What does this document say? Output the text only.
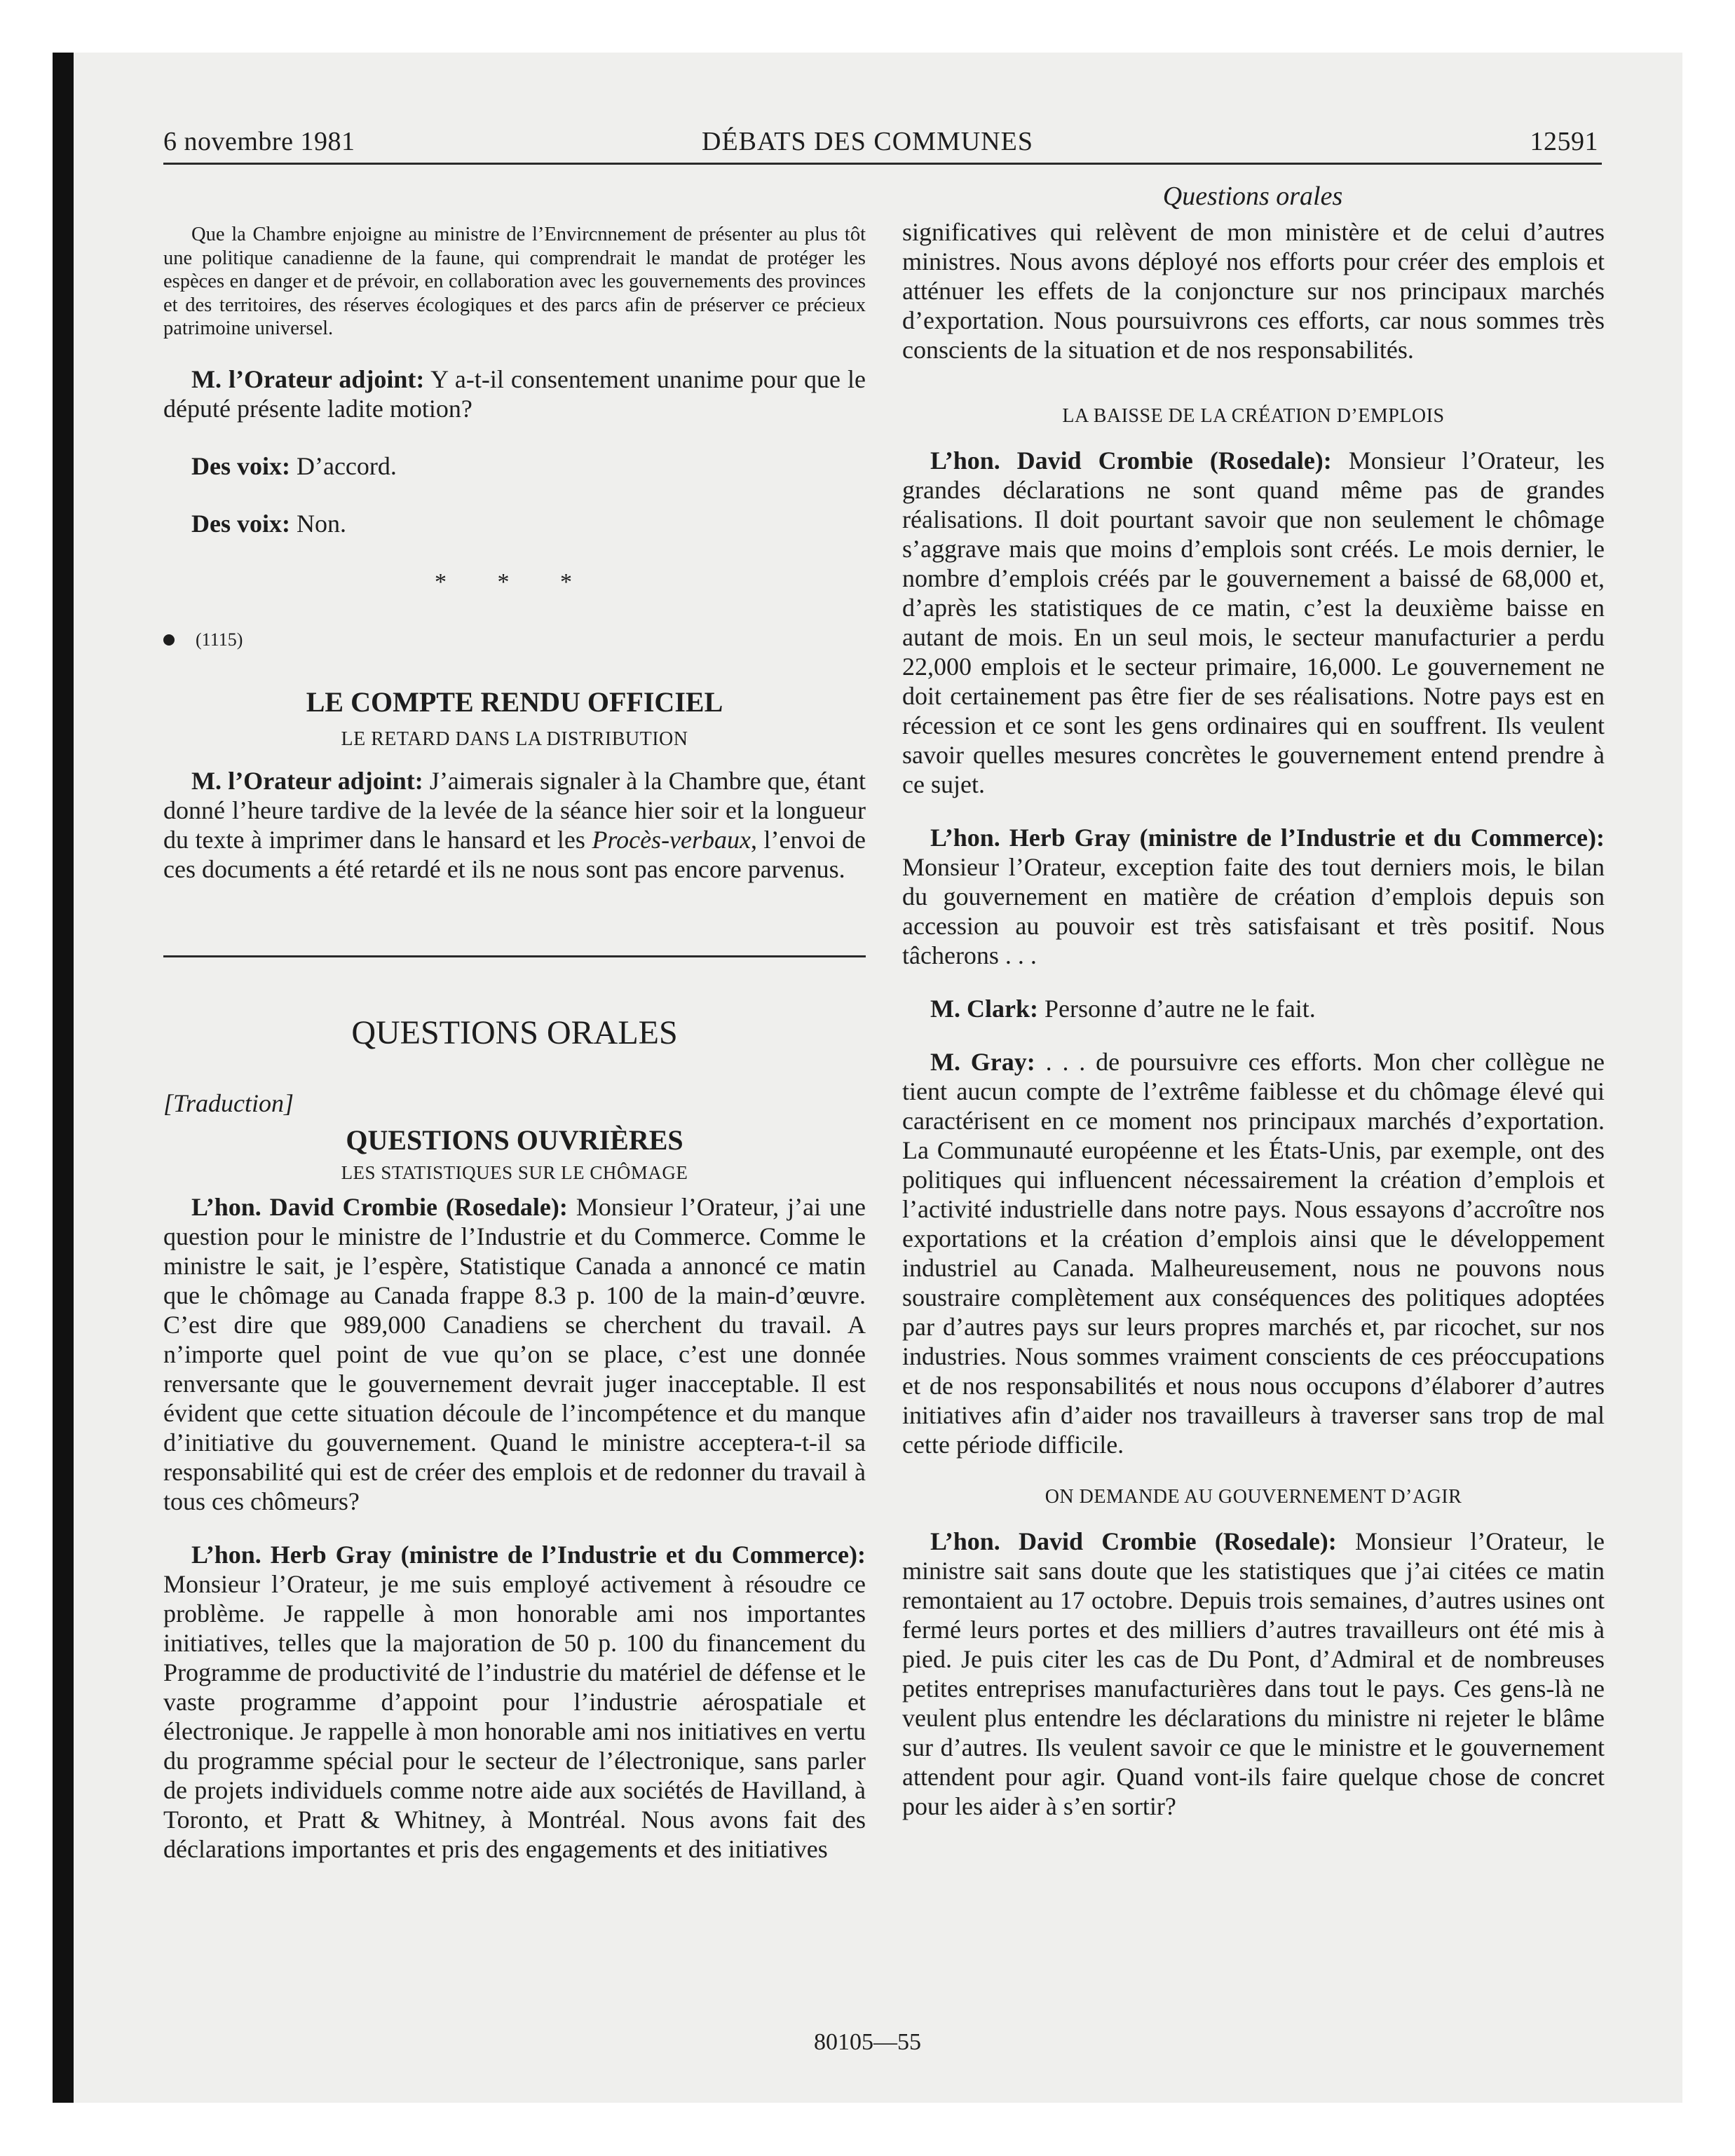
6 novembre 1981	DÉBATS DES COMMUNES	12591
Questions orales

Que la Chambre enjoigne au ministre de l’Envircnnement de présenter au plus tôt une politique canadienne de la faune, qui comprendrait le mandat de protéger les espèces en danger et de prévoir, en collaboration avec les gouvernements des provinces et des territoires, des réserves écologiques et des parcs afin de préserver ce précieux patrimoine universel.

M. l’Orateur adjoint: Y a-t-il consentement unanime pour que le député présente ladite motion?

Des voix: D’accord.

Des voix: Non.

* * *
(1115)
LE COMPTE RENDU OFFICIEL
LE RETARD DANS LA DISTRIBUTION

M. l’Orateur adjoint: J’aimerais signaler à la Chambre que, étant donné l’heure tardive de la levée de la séance hier soir et la longueur du texte à imprimer dans le hansard et les Procès-verbaux, l’envoi de ces documents a été retardé et ils ne nous sont pas encore parvenus.

QUESTIONS ORALES
[Traduction]
QUESTIONS OUVRIÈRES
LES STATISTIQUES SUR LE CHÔMAGE

L’hon. David Crombie (Rosedale): Monsieur l’Orateur, j’ai une question pour le ministre de l’Industrie et du Commerce. Comme le ministre le sait, je l’espère, Statistique Canada a annoncé ce matin que le chômage au Canada frappe 8.3 p. 100 de la main-d’œuvre. C’est dire que 989,000 Canadiens se cherchent du travail. A n’importe quel point de vue qu’on se place, c’est une donnée renversante que le gouvernement devrait juger inacceptable. Il est évident que cette situation découle de l’incompétence et du manque d’initiative du gouvernement. Quand le ministre acceptera-t-il sa responsabilité qui est de créer des emplois et de redonner du travail à tous ces chômeurs?

L’hon. Herb Gray (ministre de l’Industrie et du Commerce): Monsieur l’Orateur, je me suis employé activement à résoudre ce problème. Je rappelle à mon honorable ami nos importantes initiatives, telles que la majoration de 50 p. 100 du financement du Programme de productivité de l’industrie du matériel de défense et le vaste programme d’appoint pour l’industrie aérospatiale et électronique. Je rappelle à mon honorable ami nos initiatives en vertu du programme spécial pour le secteur de l’électronique, sans parler de projets individuels comme notre aide aux sociétés de Havilland, à Toronto, et Pratt & Whitney, à Montréal. Nous avons fait des déclarations importantes et pris des engagements et des initiatives

significatives qui relèvent de mon ministère et de celui d’autres ministres. Nous avons déployé nos efforts pour créer des emplois et atténuer les effets de la conjoncture sur nos principaux marchés d’exportation. Nous poursuivrons ces efforts, car nous sommes très conscients de la situation et de nos responsabilités.

LA BAISSE DE LA CRÉATION D’EMPLOIS

L’hon. David Crombie (Rosedale): Monsieur l’Orateur, les grandes déclarations ne sont quand même pas de grandes réalisations. Il doit pourtant savoir que non seulement le chômage s’aggrave mais que moins d’emplois sont créés. Le mois dernier, le nombre d’emplois créés par le gouvernement a baissé de 68,000 et, d’après les statistiques de ce matin, c’est la deuxième baisse en autant de mois. En un seul mois, le secteur manufacturier a perdu 22,000 emplois et le secteur primaire, 16,000. Le gouvernement ne doit certainement pas être fier de ses réalisations. Notre pays est en récession et ce sont les gens ordinaires qui en souffrent. Ils veulent savoir quelles mesures concrètes le gouvernement entend prendre à ce sujet.

L’hon. Herb Gray (ministre de l’Industrie et du Commerce): Monsieur l’Orateur, exception faite des tout derniers mois, le bilan du gouvernement en matière de création d’emplois depuis son accession au pouvoir est très satisfaisant et très positif. Nous tâcherons . . .

M. Clark: Personne d’autre ne le fait.

M. Gray: . . . de poursuivre ces efforts. Mon cher collègue ne tient aucun compte de l’extrême faiblesse et du chômage élevé qui caractérisent en ce moment nos principaux marchés d’exportation. La Communauté européenne et les États-Unis, par exemple, ont des politiques qui influencent nécessairement la création d’emplois et l’activité industrielle dans notre pays. Nous essayons d’accroître nos exportations et la création d’emplois ainsi que le développement industriel au Canada. Malheureusement, nous ne pouvons nous soustraire complètement aux conséquences des politiques adoptées par d’autres pays sur leurs propres marchés et, par ricochet, sur nos industries. Nous sommes vraiment conscients de ces préoccupations et de nos responsabilités et nous nous occupons d’élaborer d’autres initiatives afin d’aider nos travailleurs à traverser sans trop de mal cette période difficile.

ON DEMANDE AU GOUVERNEMENT D’AGIR

L’hon. David Crombie (Rosedale): Monsieur l’Orateur, le ministre sait sans doute que les statistiques que j’ai citées ce matin remontaient au 17 octobre. Depuis trois semaines, d’autres usines ont fermé leurs portes et des milliers d’autres travailleurs ont été mis à pied. Je puis citer les cas de Du Pont, d’Admiral et de nombreuses petites entreprises manufacturières dans tout le pays. Ces gens-là ne veulent plus entendre les déclarations du ministre ni rejeter le blâme sur d’autres. Ils veulent savoir ce que le ministre et le gouvernement attendent pour agir. Quand vont-ils faire quelque chose de concret pour les aider à s’en sortir?

80105—55
